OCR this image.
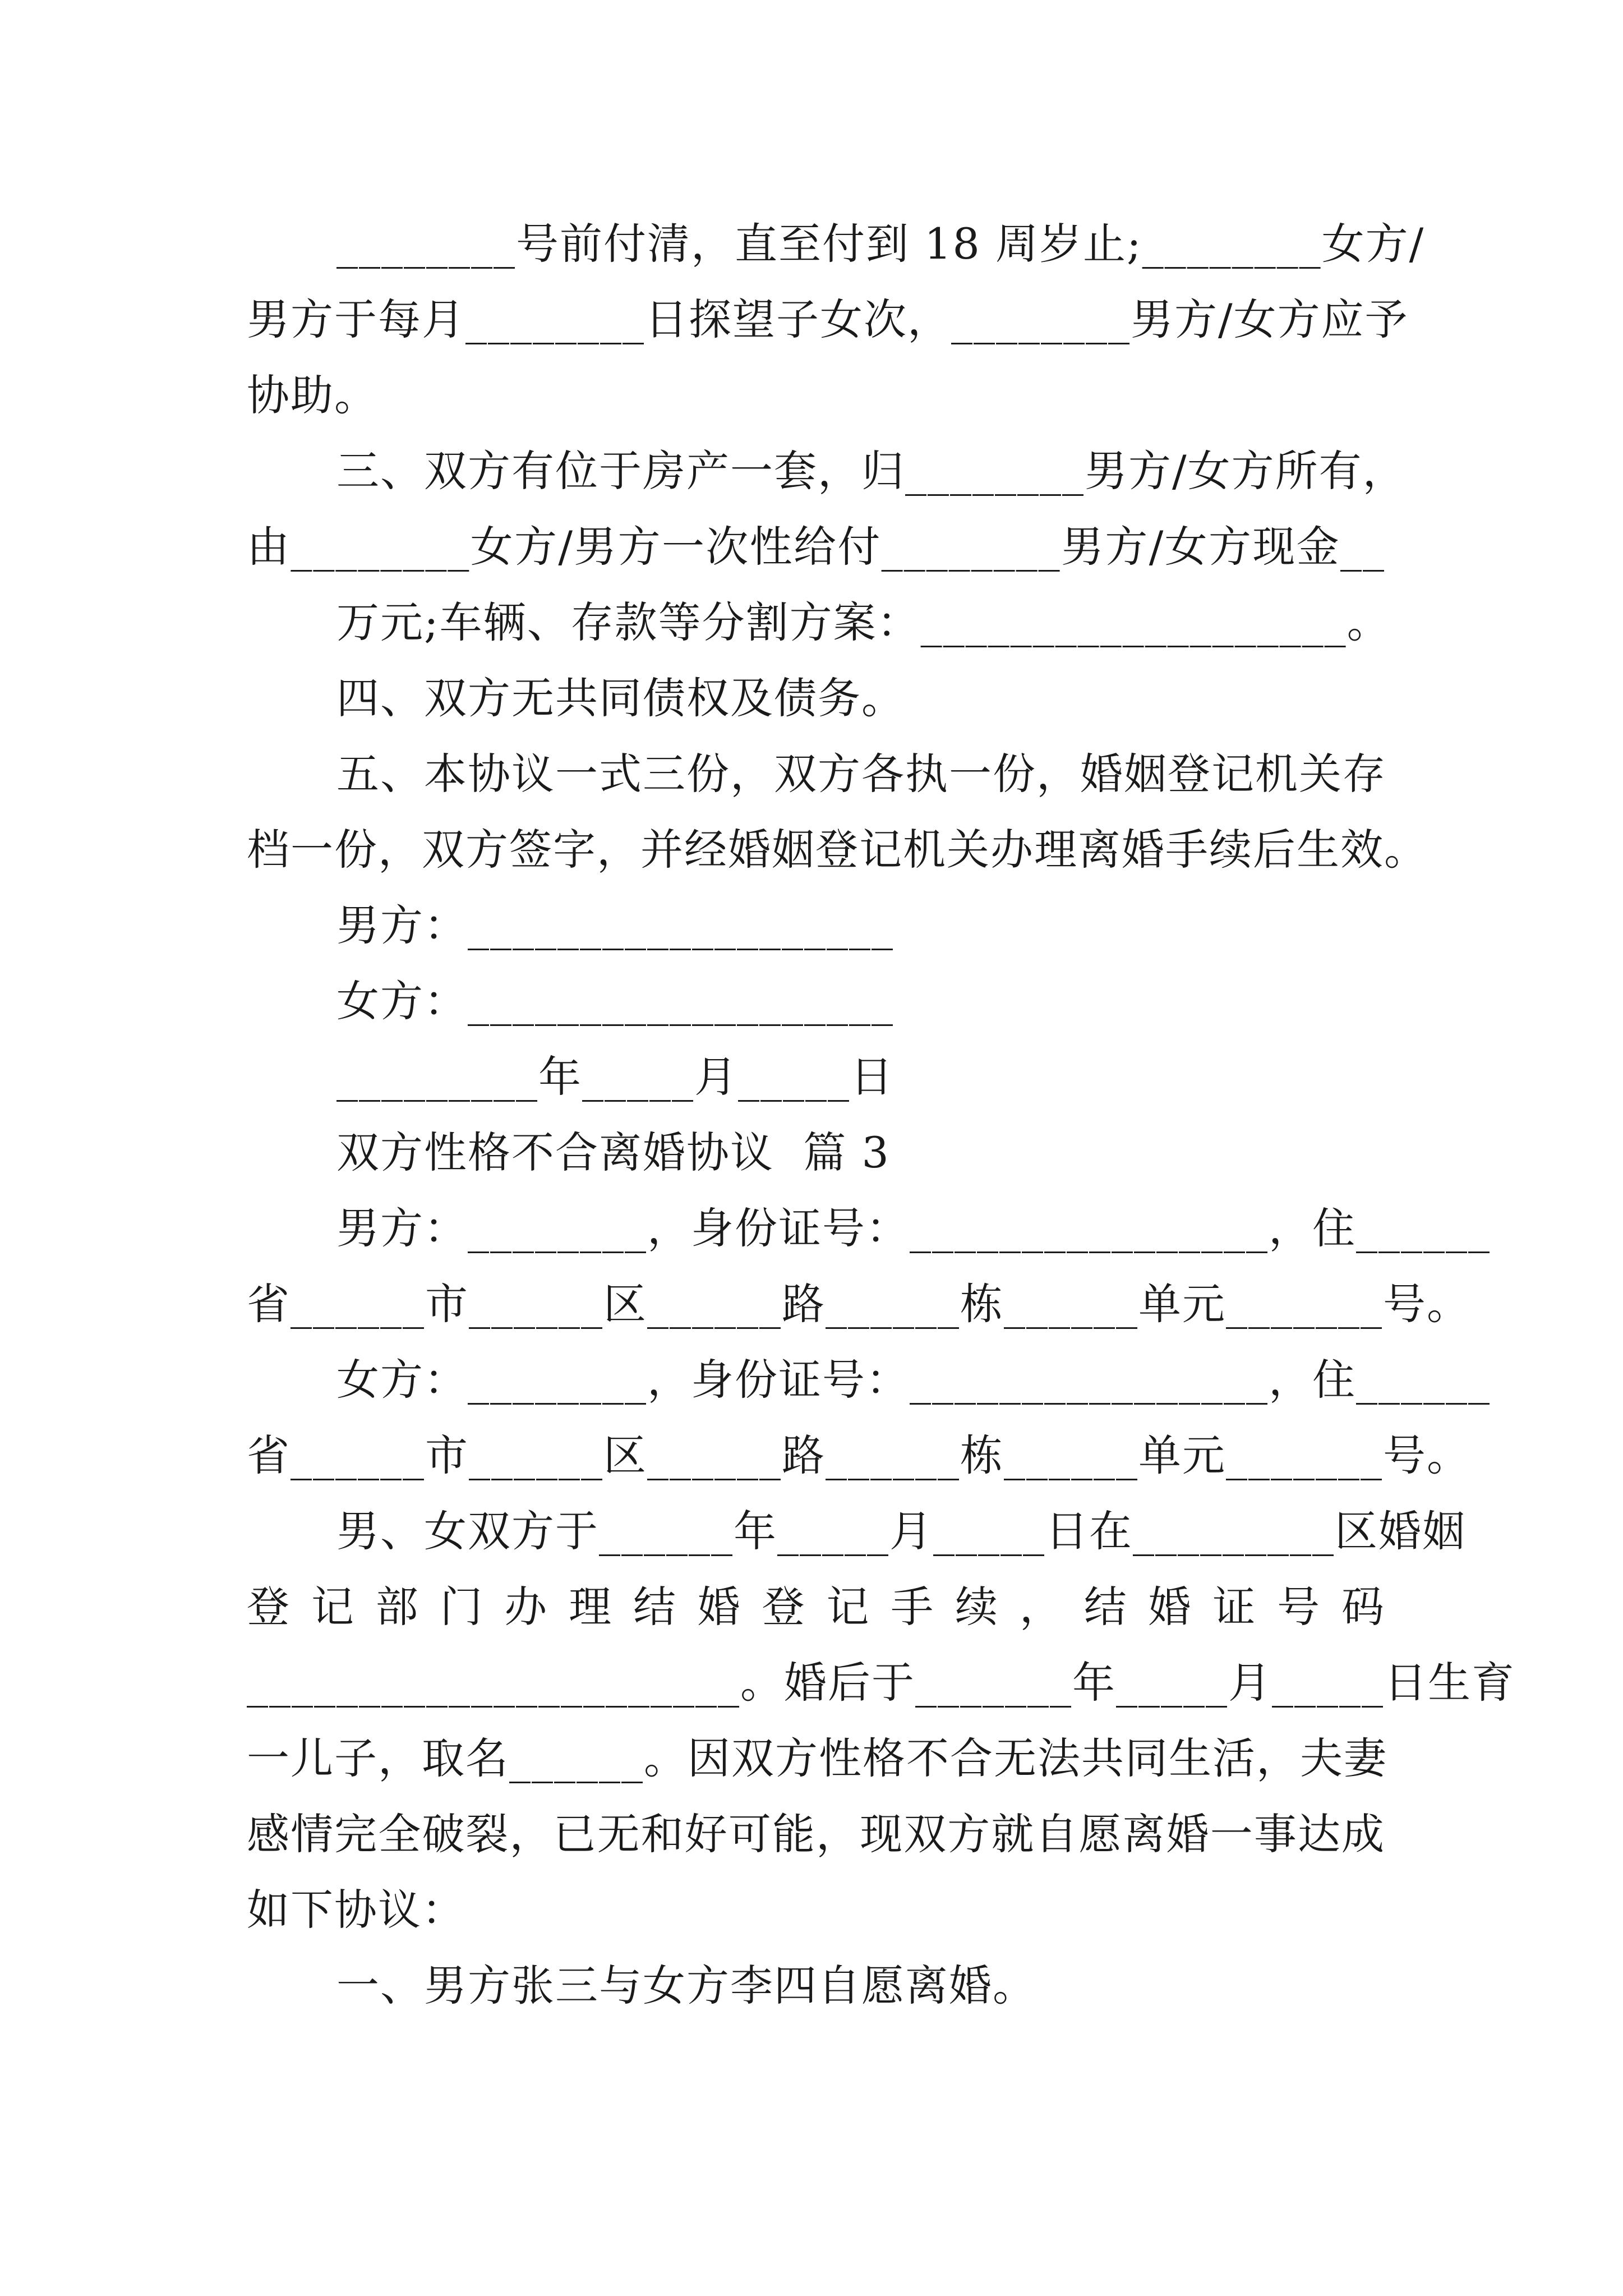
________号前付清，直至付到 18 周岁止;________女方/
男方于每月________日探望子女次，________男方/女方应予
协助。
三、双方有位于房产一套，归________男方/女方所有，
由________女方/男方一次性给付________男方/女方现金__
万元;车辆、存款等分割方案：___________________。
四、双方无共同债权及债务。
五、本协议一式三份，双方各执一份，婚姻登记机关存
档一份，双方签字，并经婚姻登记机关办理离婚手续后生效。
男方：___________________
女方：___________________
_________年_____月_____日
双方性格不合离婚协议  篇 3
男方：________，身份证号：________________，住______
省______市______区______路______栋______单元_______号。
女方：________，身份证号：________________，住______
省______市______区______路______栋______单元_______号。
男、女双方于______年_____月_____日在_________区婚姻
登记部门办理结婚登记手续，结婚证号码
______________________。婚后于_______年_____月_____日生育
一儿子，取名______。因双方性格不合无法共同生活，夫妻
感情完全破裂，已无和好可能，现双方就自愿离婚一事达成
如下协议：
一、男方张三与女方李四自愿离婚。
